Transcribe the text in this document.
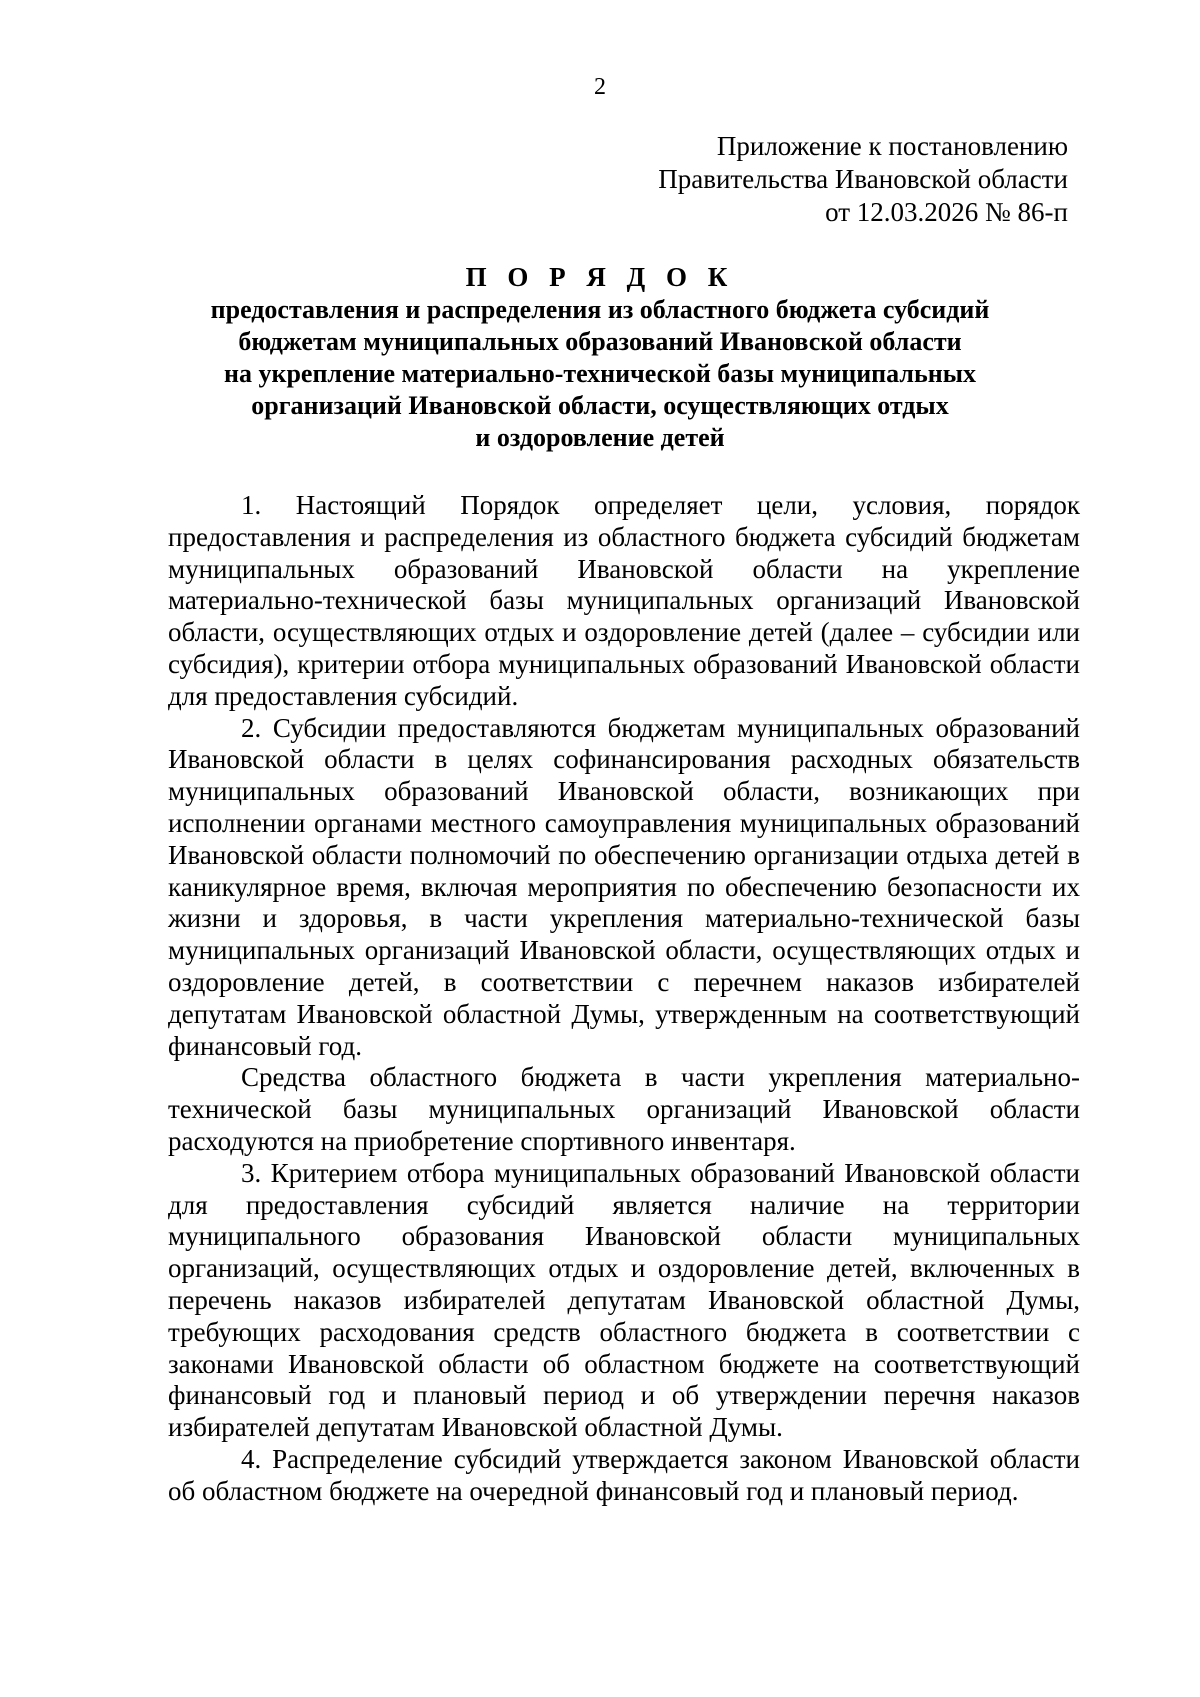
2
Приложение к постановлению
Правительства Ивановской области
от 12.03.2026 № 86-п
П О Р Я Д О К
предоставления и распределения из областного бюджета субсидий
бюджетам муниципальных образований Ивановской области
на укрепление материально-технической базы муниципальных
организаций Ивановской области, осуществляющих отдых
и оздоровление детей

1. Настоящий Порядок определяет цели, условия, порядок предоставления и распределения из областного бюджета субсидий бюджетам муниципальных образований Ивановской области на укрепление материально-технической базы муниципальных организаций Ивановской области, осуществляющих отдых и оздоровление детей (далее – субсидии или субсидия), критерии отбора муниципальных образований Ивановской области для предоставления субсидий.

2. Субсидии предоставляются бюджетам муниципальных образований Ивановской области в целях софинансирования расходных обязательств муниципальных образований Ивановской области, возникающих при исполнении органами местного самоуправления муниципальных образований Ивановской области полномочий по обеспечению организации отдыха детей в каникулярное время, включая мероприятия по обеспечению безопасности их жизни и здоровья, в части укрепления материально-технической базы муниципальных организаций Ивановской области, осуществляющих отдых и оздоровление детей, в соответствии с перечнем наказов избирателей депутатам Ивановской областной Думы, утвержденным на соответствующий финансовый год.

Средства областного бюджета в части укрепления материально-технической базы муниципальных организаций Ивановской области расходуются на приобретение спортивного инвентаря.

3. Критерием отбора муниципальных образований Ивановской области для предоставления субсидий является наличие на территории муниципального образования Ивановской области муниципальных организаций, осуществляющих отдых и оздоровление детей, включенных в перечень наказов избирателей депутатам Ивановской областной Думы, требующих расходования средств областного бюджета в соответствии с законами Ивановской области об областном бюджете на соответствующий финансовый год и плановый период и об утверждении перечня наказов избирателей депутатам Ивановской областной Думы.

4. Распределение субсидий утверждается законом Ивановской области об областном бюджете на очередной финансовый год и плановый период.
